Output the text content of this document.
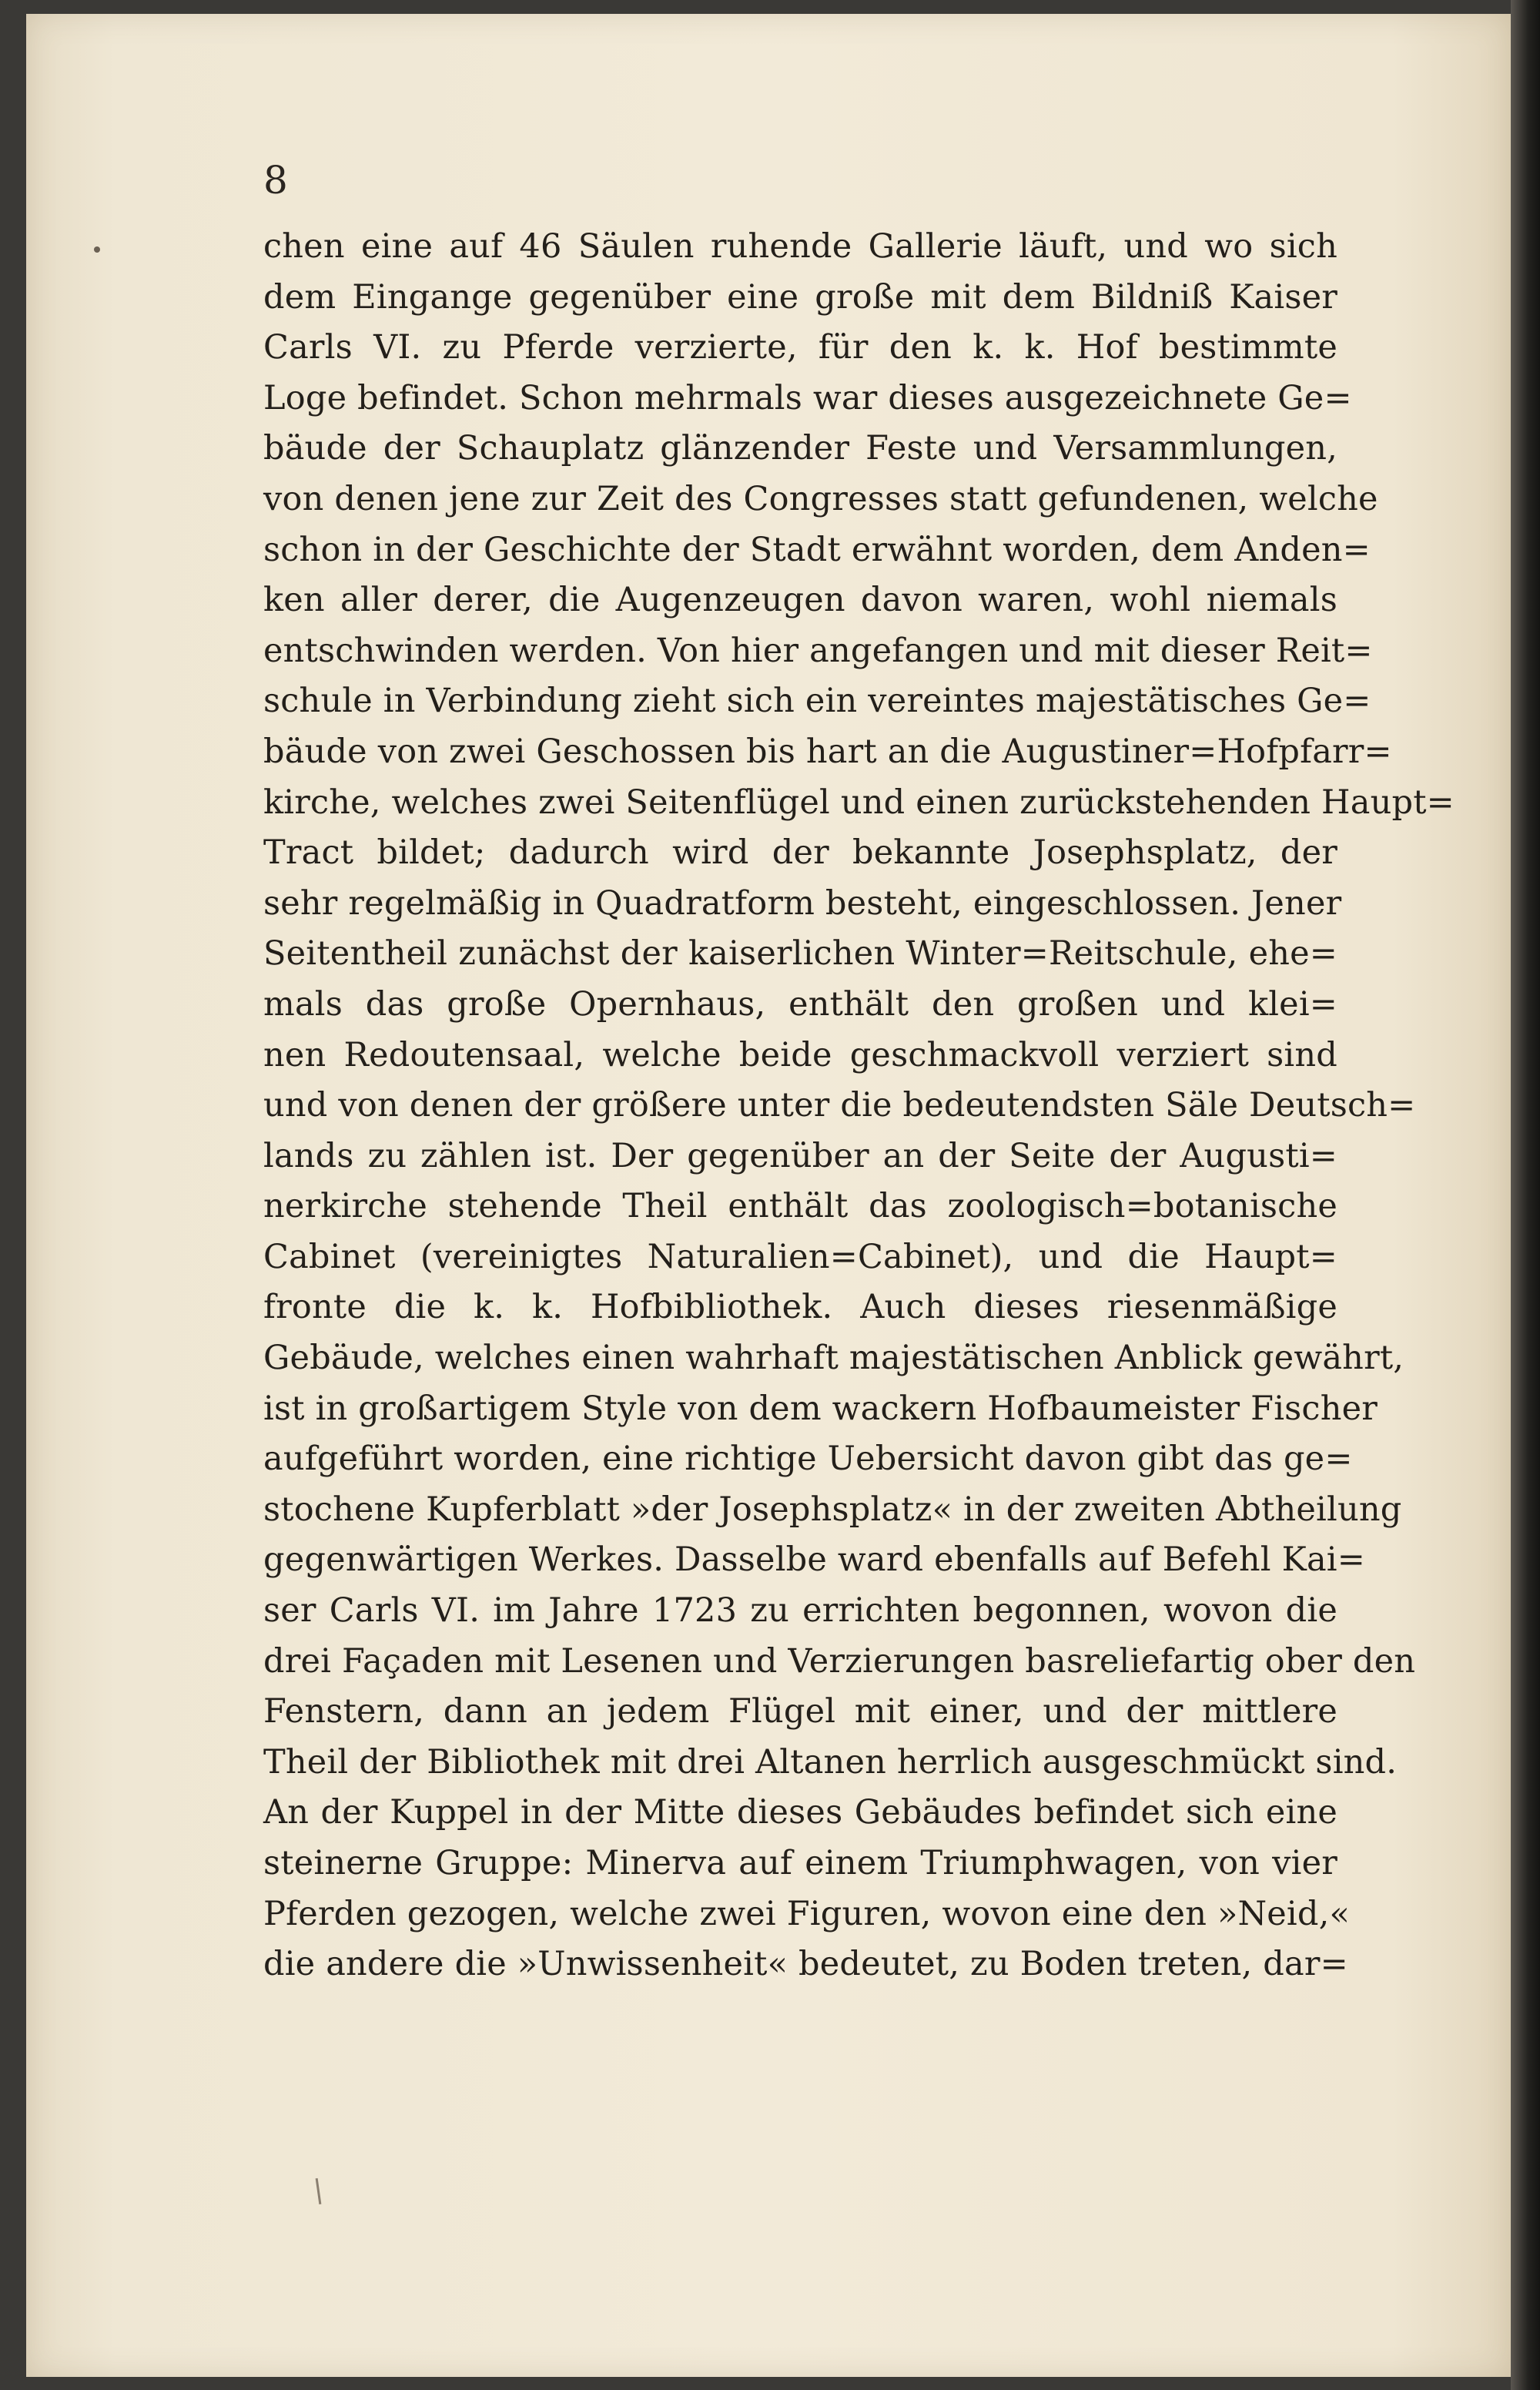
8
chen eine auf 46 Säulen ruhende Gallerie läuft, und wo sich
dem Eingange gegenüber eine große mit dem Bildniß Kaiser
Carls VI. zu Pferde verzierte, für den k. k. Hof bestimmte
Loge befindet. Schon mehrmals war dieses ausgezeichnete Ge=
bäude der Schauplatz glänzender Feste und Versammlungen,
von denen jene zur Zeit des Congresses statt gefundenen, welche
schon in der Geschichte der Stadt erwähnt worden, dem Anden=
ken aller derer, die Augenzeugen davon waren, wohl niemals
entschwinden werden. Von hier angefangen und mit dieser Reit=
schule in Verbindung zieht sich ein vereintes majestätisches Ge=
bäude von zwei Geschossen bis hart an die Augustiner=Hofpfarr=
kirche, welches zwei Seitenflügel und einen zurückstehenden Haupt=
Tract bildet; dadurch wird der bekannte Josephsplatz, der
sehr regelmäßig in Quadratform besteht, eingeschlossen. Jener
Seitentheil zunächst der kaiserlichen Winter=Reitschule, ehe=
mals das große Opernhaus, enthält den großen und klei=
nen Redoutensaal, welche beide geschmackvoll verziert sind
und von denen der größere unter die bedeutendsten Säle Deutsch=
lands zu zählen ist. Der gegenüber an der Seite der Augusti=
nerkirche stehende Theil enthält das zoologisch=botanische
Cabinet (vereinigtes Naturalien=Cabinet), und die Haupt=
fronte die k. k. Hofbibliothek. Auch dieses riesenmäßige
Gebäude, welches einen wahrhaft majestätischen Anblick gewährt,
ist in großartigem Style von dem wackern Hofbaumeister Fischer
aufgeführt worden, eine richtige Uebersicht davon gibt das ge=
stochene Kupferblatt »der Josephsplatz« in der zweiten Abtheilung
gegenwärtigen Werkes. Dasselbe ward ebenfalls auf Befehl Kai=
ser Carls VI. im Jahre 1723 zu errichten begonnen, wovon die
drei Façaden mit Lesenen und Verzierungen basreliefartig ober den
Fenstern, dann an jedem Flügel mit einer, und der mittlere
Theil der Bibliothek mit drei Altanen herrlich ausgeschmückt sind.
An der Kuppel in der Mitte dieses Gebäudes befindet sich eine
steinerne Gruppe: Minerva auf einem Triumphwagen, von vier
Pferden gezogen, welche zwei Figuren, wovon eine den »Neid,«
die andere die »Unwissenheit« bedeutet, zu Boden treten, dar=
